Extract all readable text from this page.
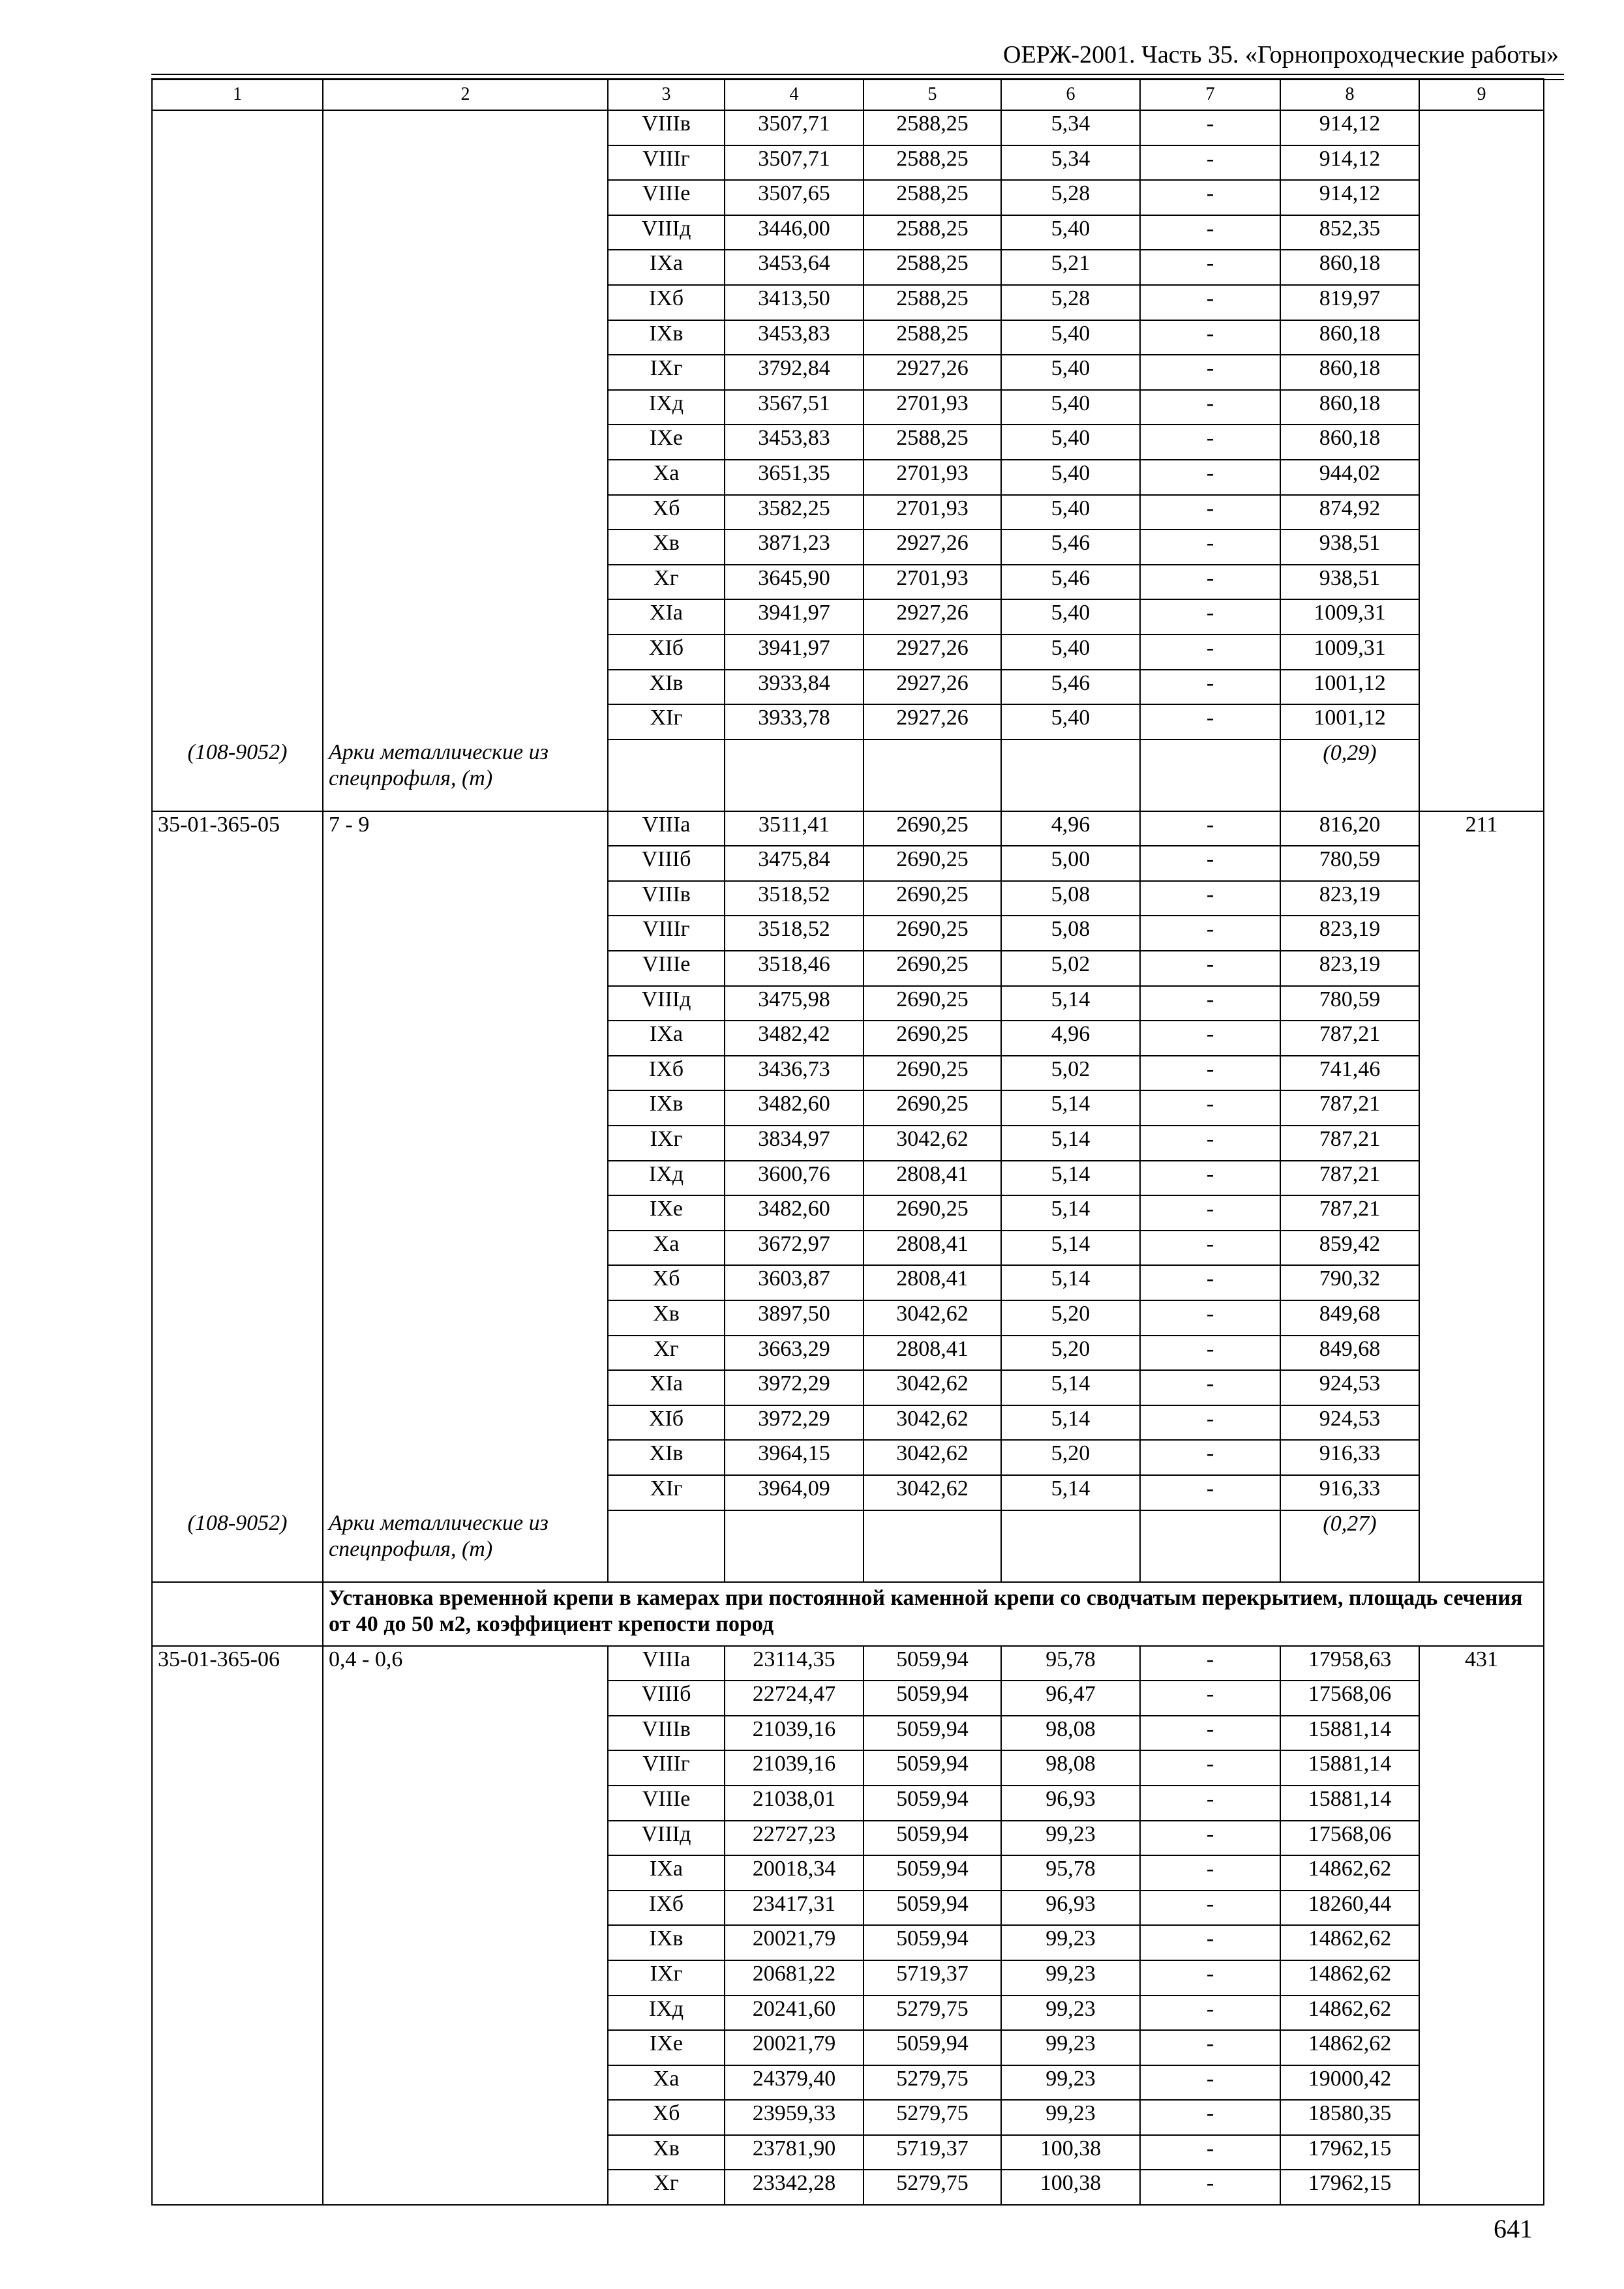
ОЕРЖ-2001. Часть 35. «Горнопроходческие работы»
1	2	3	4	5	6	7	8	9
		VIIIв	3507,71	2588,25	5,34	-	914,12	
		VIIIг	3507,71	2588,25	5,34	-	914,12	
		VIIIе	3507,65	2588,25	5,28	-	914,12	
		VIIIд	3446,00	2588,25	5,40	-	852,35	
		IXа	3453,64	2588,25	5,21	-	860,18	
		IXб	3413,50	2588,25	5,28	-	819,97	
		IXв	3453,83	2588,25	5,40	-	860,18	
		IXг	3792,84	2927,26	5,40	-	860,18	
		IXд	3567,51	2701,93	5,40	-	860,18	
		IXе	3453,83	2588,25	5,40	-	860,18	
		Xа	3651,35	2701,93	5,40	-	944,02	
		Xб	3582,25	2701,93	5,40	-	874,92	
		Xв	3871,23	2927,26	5,46	-	938,51	
		Xг	3645,90	2701,93	5,46	-	938,51	
		XIа	3941,97	2927,26	5,40	-	1009,31	
		XIб	3941,97	2927,26	5,40	-	1009,31	
		XIв	3933,84	2927,26	5,46	-	1001,12	
		XIг	3933,78	2927,26	5,40	-	1001,12	
(108-9052)	Арки металлические из спецпрофиля, (т)						(0,29)	
35-01-365-05	7 - 9	VIIIа	3511,41	2690,25	4,96	-	816,20	211
		VIIIб	3475,84	2690,25	5,00	-	780,59	
		VIIIв	3518,52	2690,25	5,08	-	823,19	
		VIIIг	3518,52	2690,25	5,08	-	823,19	
		VIIIе	3518,46	2690,25	5,02	-	823,19	
		VIIIд	3475,98	2690,25	5,14	-	780,59	
		IXа	3482,42	2690,25	4,96	-	787,21	
		IXб	3436,73	2690,25	5,02	-	741,46	
		IXв	3482,60	2690,25	5,14	-	787,21	
		IXг	3834,97	3042,62	5,14	-	787,21	
		IXд	3600,76	2808,41	5,14	-	787,21	
		IXе	3482,60	2690,25	5,14	-	787,21	
		Xа	3672,97	2808,41	5,14	-	859,42	
		Xб	3603,87	2808,41	5,14	-	790,32	
		Xв	3897,50	3042,62	5,20	-	849,68	
		Xг	3663,29	2808,41	5,20	-	849,68	
		XIа	3972,29	3042,62	5,14	-	924,53	
		XIб	3972,29	3042,62	5,14	-	924,53	
		XIв	3964,15	3042,62	5,20	-	916,33	
		XIг	3964,09	3042,62	5,14	-	916,33	
(108-9052)	Арки металлические из спецпрофиля, (т)						(0,27)	
	Установка временной крепи в камерах при постоянной каменной крепи со сводчатым перекрытием, площадь сечения от 40 до 50 м2, коэффициент крепости пород							
35-01-365-06	0,4 - 0,6	VIIIа	23114,35	5059,94	95,78	-	17958,63	431
		VIIIб	22724,47	5059,94	96,47	-	17568,06	
		VIIIв	21039,16	5059,94	98,08	-	15881,14	
		VIIIг	21039,16	5059,94	98,08	-	15881,14	
		VIIIе	21038,01	5059,94	96,93	-	15881,14	
		VIIIд	22727,23	5059,94	99,23	-	17568,06	
		IXа	20018,34	5059,94	95,78	-	14862,62	
		IXб	23417,31	5059,94	96,93	-	18260,44	
		IXв	20021,79	5059,94	99,23	-	14862,62	
		IXг	20681,22	5719,37	99,23	-	14862,62	
		IXд	20241,60	5279,75	99,23	-	14862,62	
		IXе	20021,79	5059,94	99,23	-	14862,62	
		Xа	24379,40	5279,75	99,23	-	19000,42	
		Xб	23959,33	5279,75	99,23	-	18580,35	
		Xв	23781,90	5719,37	100,38	-	17962,15	
		Xг	23342,28	5279,75	100,38	-	17962,15	
641
